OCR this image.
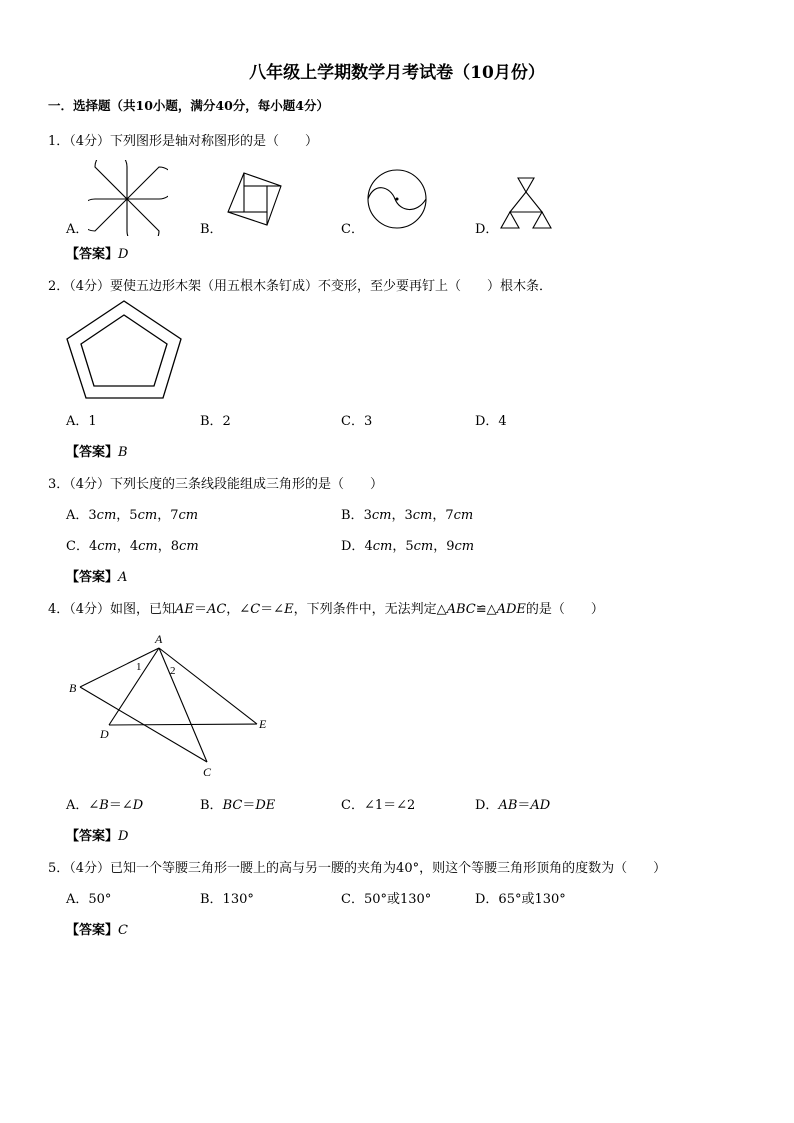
八年级上学期数学月考试卷（10月份）
一．选择题（共10小题，满分40分，每小题4分）
1．（4分）下列图形是轴对称图形的是（　　）
A．	B．	C．	D．
【答案】D
2．（4分）要使五边形木架（用五根木条钉成）不变形，至少要再钉上（　　）根木条．
A．1	B．2	C．3	D．4
【答案】B
3．（4分）下列长度的三条线段能组成三角形的是（　　）
A．3cm，5cm，7cm	B．3cm，3cm，7cm
C．4cm，4cm，8cm	D．4cm，5cm，9cm
【答案】A
4．（4分）如图，已知AE＝AC，∠C＝∠E，下列条件中，无法判定△ABC≌△ADE的是（　　）
A
B
C
D
E
1	2
A．∠B＝∠D	B．BC＝DE	C．∠1＝∠2	D．AB＝AD
【答案】D
5．（4分）已知一个等腰三角形一腰上的高与另一腰的夹角为40°，则这个等腰三角形顶角的度数为（　　）
A．50°	B．130°	C．50°或130°	D．65°或130°
【答案】C
